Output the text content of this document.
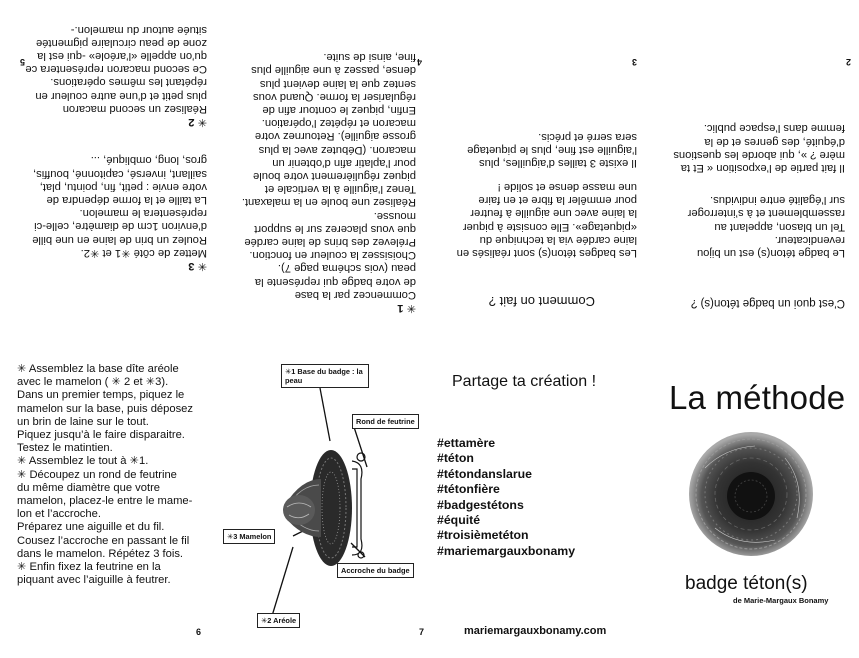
5
✳ 3
Mettez de côté ✳1 et ✳2.
Roulez un brin de laine en une bille
d’environ 1cm de diamètre, celle-ci
représentera le mamelon.
La taille et la forme dépendra de
votre envie : petit, fin, pointu, plat,
saillant, inversé, capitonné, bouffis,
gros, long, ombliqué, ...
✳ 2
Réalisez un second macaron
plus petit et d’une autre couleur en
répétant les mêmes opérations.
Ce second macaron représentera ce
qu’on appelle «l’aréole» -qui est la
zone de peau circulaire pigmentée
située autour du mamelon.-
4
✳ 1
Commencez par la base
de votre badge qui représente la
peau (vois schéma page 7).
Choisissez la couleur en fonction.
Prélevez des brins de laine cardée
que vous placerez sur le support
mousse.
Réalisez une boule en la malaxant.
Tenez l’aiguille à la verticale et
piquez régulièrement votre boule
pour l’aplatir afin d’obtenir un
macaron. (Débutez avec la plus
grosse aiguille). Retournez votre
macaron et répétez l’opération.
Enfin, piquez le contour afin de
régulariser la forme. Quand vous
sentez que la laine devient plus
dense, passez à une aiguille plus
fine, ainsi de suite.	3
Comment on fait ?
Les badges téton(s) sont réalisés en
laine cardée via la technique du
«piquetage». Elle consiste à piquer
la laine avec une aiguille à feutrer
pour emmêler la fibre et en faire
une masse dense et solide !
Il existe 3 tailles d’aiguilles, plus
l’aiguille est fine, plus le piquetage
sera serré et précis.
2
C’est quoi un badge téton(s) ?
Le badge téton(s) est un bijou
revendicateur.
Tel un blason, appelant au
rassemblement et à s’interroger
sur l’égalité entre individus.
Il fait partie de l’exposition « Et ta
mère ? », qui aborde les questions
d’équité, des genres et de la
femme dans l’espace public.
✳ Assemblez la base dîte aréole
avec le mamelon ( ✳ 2 et ✳3).
Dans un premier temps, piquez le
mamelon sur la base, puis déposez
un brin de laine sur le tout.
Piquez jusqu’à le faire disparaitre.
Testez le matintien.
✳ Assemblez le tout à ✳1.
✳ Découpez un rond de feutrine
du même diamètre que votre
mamelon, placez-le entre le mame-
lon et l’accroche.
Préparez une aiguille et du fil.
Cousez l’accroche en passant le fil
dans le mamelon. Répétez 3 fois.
✳ Enfin fixez la feutrine en la
piquant avec l’aiguille à feutrer.
6
✳1 Base du badge : la peau
Rond de feutrine
✳3 Mamelon
Accroche du badge
✳2 Aréole
7
Partage ta création !
#ettamère
#téton
#tétondanslarue
#tétonfière
#badgestétons
#équité
#troisièmetéton
#mariemargauxbonamy
mariemargauxbonamy.com
La méthode
badge téton(s)
de Marie-Margaux Bonamy
